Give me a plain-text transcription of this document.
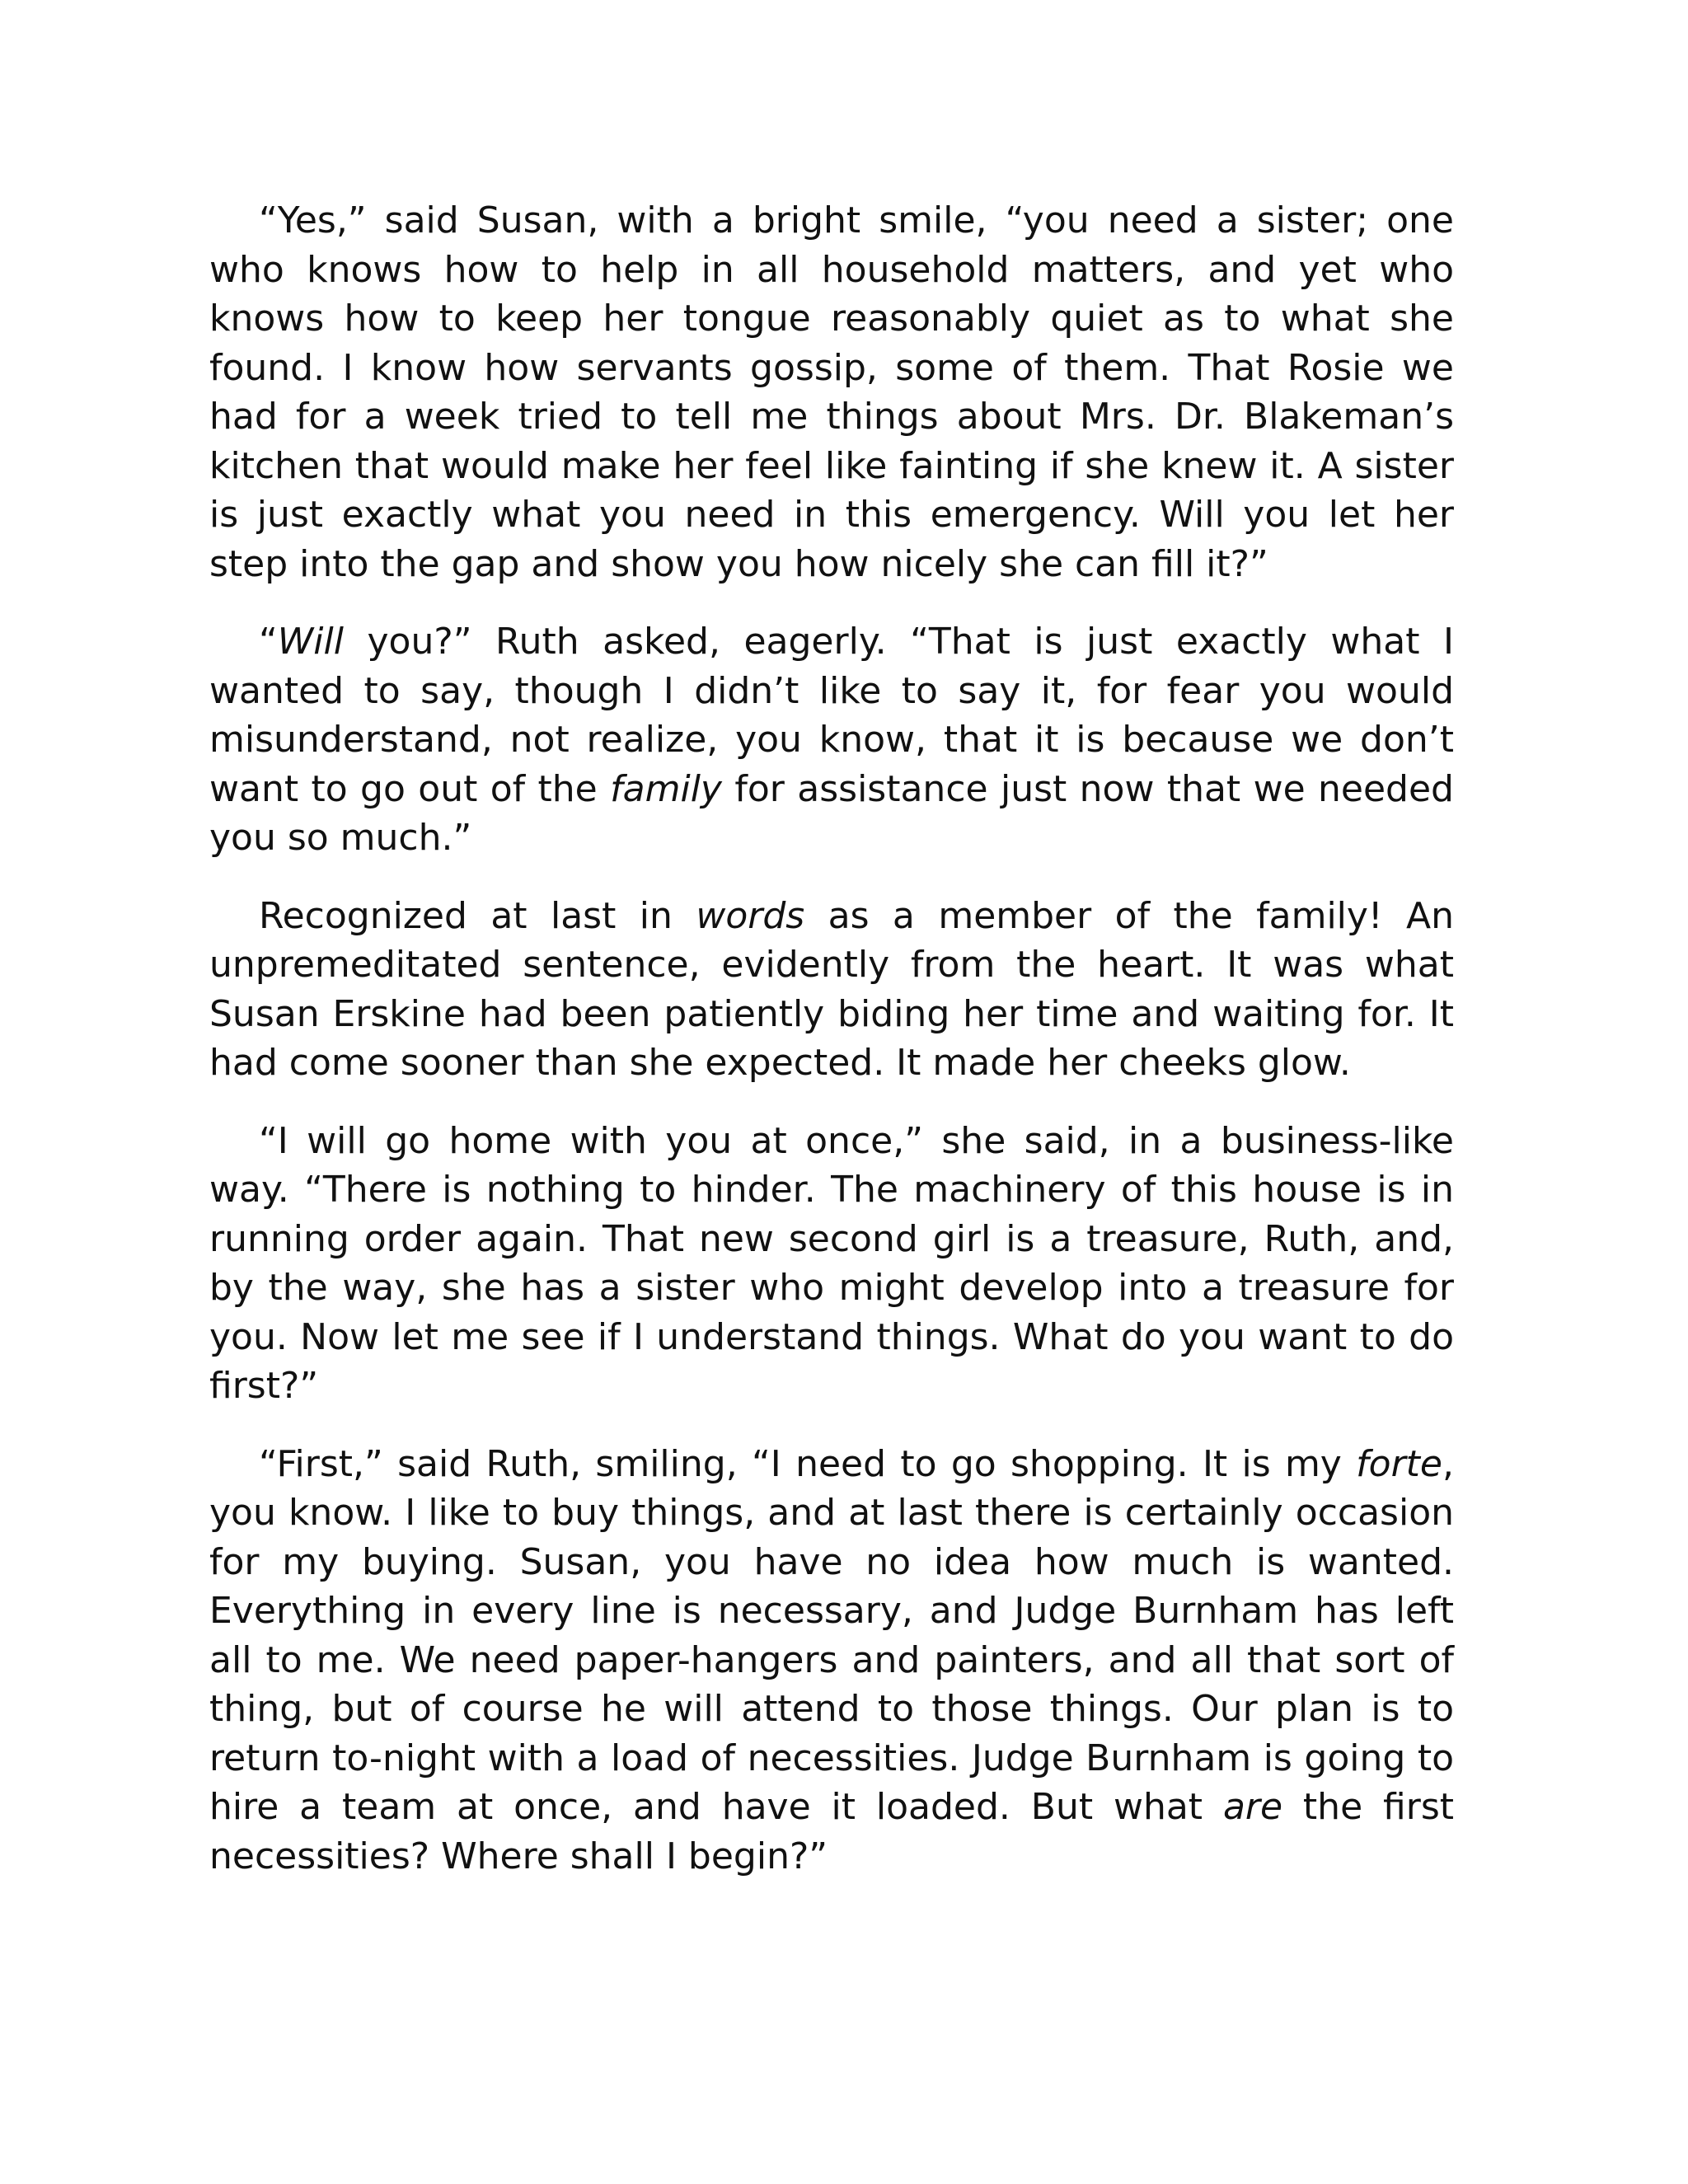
“Yes,” said Susan, with a bright smile, “you need a sister; one who knows how to help in all household matters, and yet who knows how to keep her tongue reasonably quiet as to what she found. I know how servants gossip, some of them. That Rosie we had for a week tried to tell me things about Mrs. Dr. Blakeman’s kitchen that would make her feel like fainting if she knew it. A sister is just exactly what you need in this emergency. Will you let her step into the gap and show you how nicely she can fill it?”

“Will you?” Ruth asked, eagerly. “That is just exactly what I wanted to say, though I didn’t like to say it, for fear you would misunderstand, not realize, you know, that it is because we don’t want to go out of the family for assistance just now that we needed you so much.”

Recognized at last in words as a member of the family! An unpremeditated sentence, evidently from the heart. It was what Susan Erskine had been patiently biding her time and waiting for. It had come sooner than she expected. It made her cheeks glow.

“I will go home with you at once,” she said, in a business-like way. “There is nothing to hinder. The machinery of this house is in running order again. That new second girl is a treasure, Ruth, and, by the way, she has a sister who might develop into a treasure for you. Now let me see if I understand things. What do you want to do first?”

“First,” said Ruth, smiling, “I need to go shopping. It is my forte, you know. I like to buy things, and at last there is certainly occasion for my buying. Susan, you have no idea how much is wanted. Everything in every line is necessary, and Judge Burnham has left all to me. We need paper-hangers and painters, and all that sort of thing, but of course he will attend to those things. Our plan is to return to-night with a load of necessities. Judge Burnham is going to hire a team at once, and have it loaded. But what are the first necessities? Where shall I begin?”
